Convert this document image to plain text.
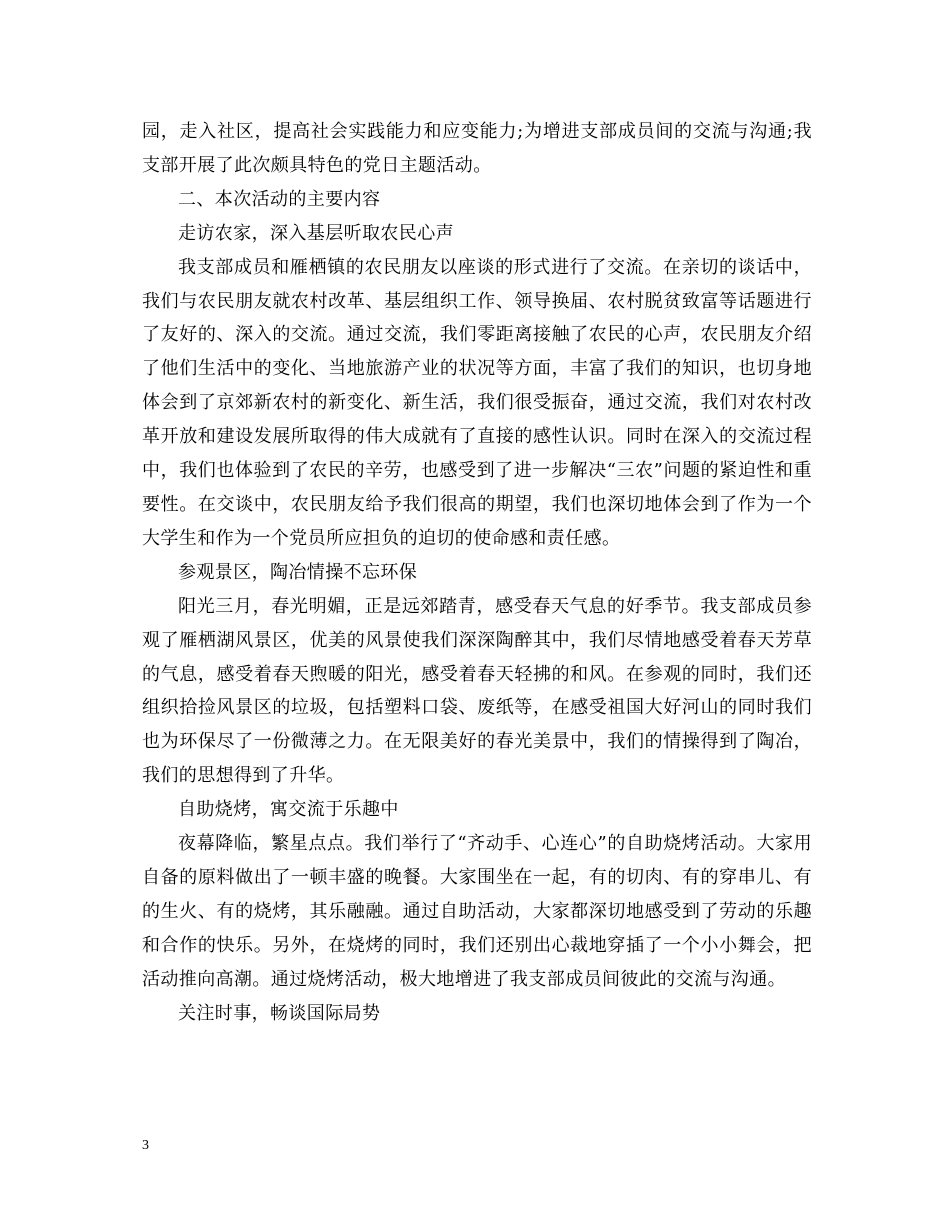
园，走入社区，提高社会实践能力和应变能力;为增进支部成员间的交流与沟通;我支部开展了此次颇具特色的党日主题活动。

二、本次活动的主要内容

走访农家，深入基层听取农民心声

我支部成员和雁栖镇的农民朋友以座谈的形式进行了交流。在亲切的谈话中，我们与农民朋友就农村改革、基层组织工作、领导换届、农村脱贫致富等话题进行了友好的、深入的交流。通过交流，我们零距离接触了农民的心声，农民朋友介绍了他们生活中的变化、当地旅游产业的状况等方面，丰富了我们的知识，也切身地体会到了京郊新农村的新变化、新生活，我们很受振奋，通过交流，我们对农村改革开放和建设发展所取得的伟大成就有了直接的感性认识。同时在深入的交流过程中，我们也体验到了农民的辛劳，也感受到了进一步解决“三农”问题的紧迫性和重要性。在交谈中，农民朋友给予我们很高的期望，我们也深切地体会到了作为一个大学生和作为一个党员所应担负的迫切的使命感和责任感。

参观景区，陶冶情操不忘环保

阳光三月，春光明媚，正是远郊踏青，感受春天气息的好季节。我支部成员参观了雁栖湖风景区，优美的风景使我们深深陶醉其中，我们尽情地感受着春天芳草的气息，感受着春天煦暖的阳光，感受着春天轻拂的和风。在参观的同时，我们还组织拾捡风景区的垃圾，包括塑料口袋、废纸等，在感受祖国大好河山的同时我们也为环保尽了一份微薄之力。在无限美好的春光美景中，我们的情操得到了陶冶，我们的思想得到了升华。

自助烧烤，寓交流于乐趣中

夜幕降临，繁星点点。我们举行了“齐动手、心连心”的自助烧烤活动。大家用自备的原料做出了一顿丰盛的晚餐。大家围坐在一起，有的切肉、有的穿串儿、有的生火、有的烧烤，其乐融融。通过自助活动，大家都深切地感受到了劳动的乐趣和合作的快乐。另外，在烧烤的同时，我们还别出心裁地穿插了一个小小舞会，把活动推向高潮。通过烧烤活动，极大地增进了我支部成员间彼此的交流与沟通。

关注时事，畅谈国际局势

3
